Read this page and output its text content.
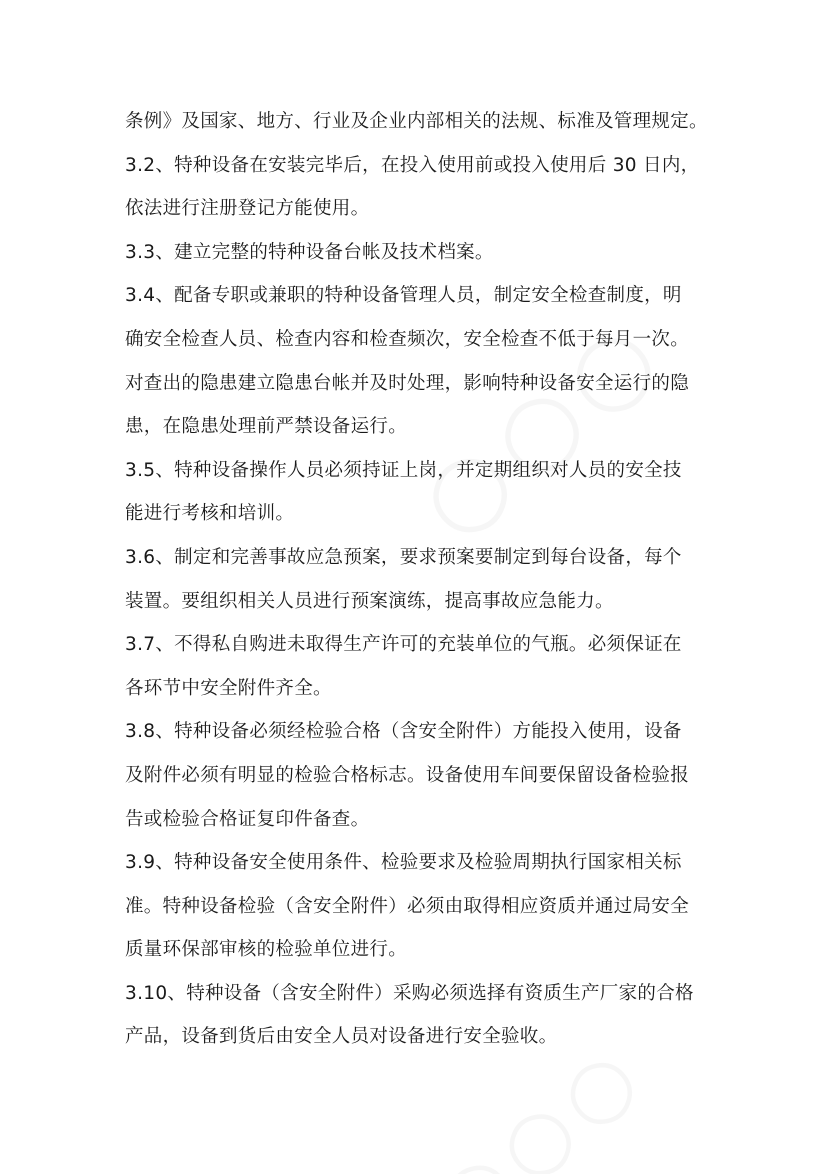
条例》及国家、地方、行业及企业内部相关的法规、标准及管理规定。
3.2、特种设备在安装完毕后，在投入使用前或投入使用后 30 日内，
依法进行注册登记方能使用。
3.3、建立完整的特种设备台帐及技术档案。
3.4、配备专职或兼职的特种设备管理人员，制定安全检查制度，明
确安全检查人员、检查内容和检查频次，安全检查不低于每月一次。
对查出的隐患建立隐患台帐并及时处理，影响特种设备安全运行的隐
患，在隐患处理前严禁设备运行。
3.5、特种设备操作人员必须持证上岗，并定期组织对人员的安全技
能进行考核和培训。
3.6、制定和完善事故应急预案，要求预案要制定到每台设备，每个
装置。要组织相关人员进行预案演练，提高事故应急能力。
3.7、不得私自购进未取得生产许可的充装单位的气瓶。必须保证在
各环节中安全附件齐全。
3.8、特种设备必须经检验合格（含安全附件）方能投入使用，设备
及附件必须有明显的检验合格标志。设备使用车间要保留设备检验报
告或检验合格证复印件备查。
3.9、特种设备安全使用条件、检验要求及检验周期执行国家相关标
准。特种设备检验（含安全附件）必须由取得相应资质并通过局安全
质量环保部审核的检验单位进行。
3.10、特种设备（含安全附件）采购必须选择有资质生产厂家的合格
产品，设备到货后由安全人员对设备进行安全验收。
